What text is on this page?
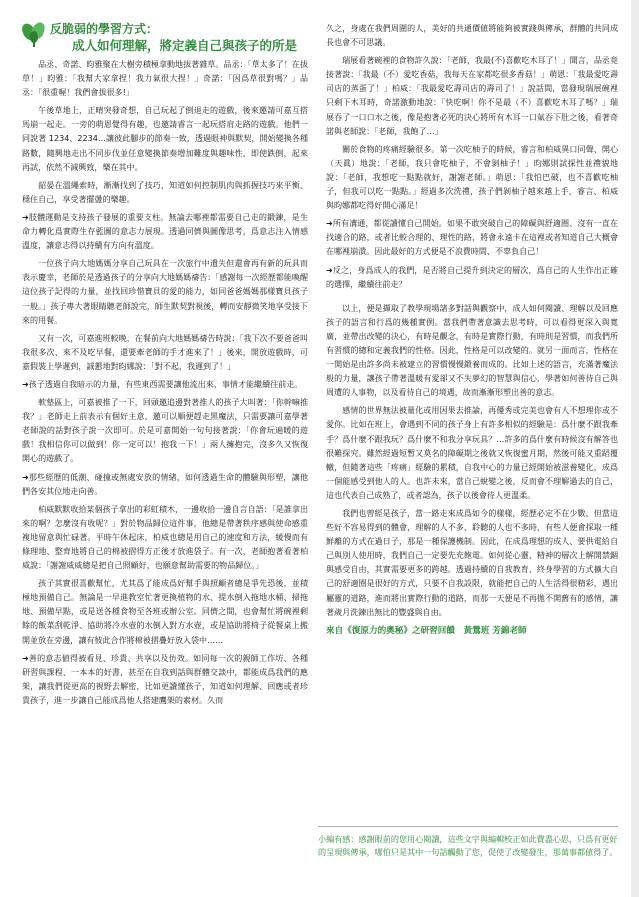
反脆弱的學習方式：
成人如何理解，將定義自己與孩子的所是

品丞、奇諾、昀雅聚在大樹旁積極拿動地拔著雜草。品丞：「草太多了！在拔草！」昀雅：「我幫大家拿捏！我力氣很大捏！」奇諾：「因爲草很對嗎？」品丞：「很重喔！我們會拔很多!」

午後草地上，正晴突發奇想，自己玩起了倒退走的遊戲，後來邀請可嘉互搭馬崩一起走。一旁的萌恩覺得有趣，也邀請睿言一起玩搭肩走路的遊戲。他們一同說著 1234、2234…讓彼此腳步的節奏一致，透過眼神與默契，開始變換各種路數，隨興地走出不同步伐並任意變換節奏增加難度與趣味性，即使跌倒，起來再試，依然不減興致，樂在其中。

韶晏在溫繩索時，漸漸找到了技巧，知道如何控制肌肉與抓握技巧來平衡、穩住自己，享受著擺盪的樂趣。

➜肢體運動是支持孩子發展的重要支柱。無論去哪裡都需要自己走的鍛鍊，是生命力轉化爲實際生存藍圖的意志力展現。透過同儕與圖像思考，爲意志注入情感溫度，讓意志得以持續有方向有溫度。

一位孩子向大地媽媽分享自己玩具在一次旅行中遺失但還會再有新的玩具而表示慶幸，老師於是透過孩子的分享向大地媽媽禱告：「感謝每一次經歷都能喚醒這位孩子記得的力量，並找回珍惜寶貝的愛的能力，如同爸爸媽媽那樣寶貝孩子一般。」孩子專大著眼睛聽老師說完，師生默契對視後，轉而安靜微笑地享受接下來的用餐。

又有一次，可嘉進班較晚，在餐前向大地媽媽禱告時說：「我下次不要爸爸叫我很多次、來不及吃早餐，還要牽老師的手才進來了！」後來，開放遊戲時，可嘉假裝上學遲到，誠懇地對昀娜說：「對不起，我遲到了！」

➜孩子透過自我暗示的力量，有些東西需要讓他流出來，事情才能繼續往前走。

軟墊區上，可嘉被推了一下，回頭邀追邊對著推人的孩子大叫著：「你幹嘛推我？」老師走上前表示有個好主意，邀可以順便趕走黑魔法，只需要讓可嘉學著老師說的話對孩子說一次即可。於是可嘉開始一句句接著說：「你會玩遍暖的遊戲！我相信你可以做到！你一定可以！抱我一下！」兩人擁抱完，沒多久又恢復開心的遊戲了。

➜那些經歷的低潮、碰撞或無處安放的情緒，如何透過生命的體驗與形塑，讓他們各安其位地走向善。

柏威默默收拾某個孩子拿出的彩虹積木，一邊收拾一邊自言自語：「是誰拿出來的啊？怎麼沒有收呢？」對於物品歸位這件事，他總是帶著秩序感與使命感重複地留意與忙碌著。平時午休起床，柏威也總是用自己的速度和方法，緩慢而有條理地、整齊地將自己的棉被摺得方正後才放進袋子。有一次，老師抱著看著柏威說：「謝謝威威總是把自己照顧好，也願意幫助需要的物品歸位。」

孩子其實很喜歡幫忙，尤其爲了能成爲好幫手與照顧者總是爭先恐後，並積極地預備自己。無論是一早進教室忙著更換植物的水、提水倒入拖地水桶、掃拖地、預備早點，或是送各種食物至各班或辦公室。同儕之間，也會幫忙將碗裡剩餘的飯菜刮乾淨、協助將冷水壺的水倒入對方水壺，或是協助將椅子從餐桌上搬開並放在旁邊，讓有彼此合作將棉被摺疊好放入袋中……

➜善的意志値得被看見、珍貴、共享以及仿效。如同每一次的親師工作坊、各種研習與課程、一本本的好書，甚至在自我到話與群體交談中，都能成爲我們的應架，讓我們從更高的視野去解密，比如更讀懂孩子，知道如何理解、回應或者珍貴孩子，進一步讓自己能成爲他人搭建鷹架的素材。久而

久之，身處在我們周圍的人，美好的共通價値將能夠被實踐與傳承，群體的共同成長也會不可思議。

瑞展看著碗裡的食物許久說：「老師，我最(不)喜歡吃木耳了！」聞言，品丞竟接著說：「我最（不）愛吃香菇，我每天在家都吃很多香菇！」萌恩：「我最愛吃壽司店的蒸蛋了！」柏威：「我最愛吃壽司店的壽司了！」說話間，當發現瑞展碗裡只剩下木耳時，奇諾激動地說：「快吃啊！你不是最（不）喜歡吃木耳了嗎？」瑞展吞了一口口水之後，像是抱著必死的決心將所有木耳一口氣吞下肚之後，看著奇諾與老師說：「老師，我飽了…」

關於食物的疼痛經驗很多。第一次吃柚子的時候，睿言和柏威異口同聲、開心（天眞）地說：「老師，我只會吃柚子，不會剝柚子！」昀娜則試探性並禮貌地說：「老師，我想吃一點點就好，謝謝老師。」萌恩：「我怕巴破，也不喜歡吃柚子，但我可以吃一點點。」經過多次洗禮，孩子們剝柚子越來越上手，睿言、柏威與昀娜都吃得好開心滿足！

➜所有溝通，都從讀懂自己開始。如果不敢突破自己的障礙與舒適圈、沒有一直在找適合的路，或者比較合理的、理性的路，將會永遠卡在這裡或者知道自己大概會在哪裡崩潰。因此最好的方式便是不浪費時間、不辜負自己！

➜反之，身爲成人的我們，是否將自己提升到決定的層次，爲自己的人生作出正確的選擇，繼續往前走？

以上，便是擷取了教學現場諸多對話與觀察中，成人如何閱讀、理解以及回應孩子的語言和行爲的幾種實例。當我們帶著意識去思考時，可以看得更深入與寬廣，並帶出改變的決心，有時是觀念，有時是實際行動，有時則是習慣，而我們所有習慣的總和定義我們的性格。因此，性格是可以改變的。就另一面而言，性格在一開始是由許多尚未被建立的習慣慢慢鍛養而成的。比如上述的語言，充滿著魔法般的力量，讓孩子帶著溫暖有愛卻又不失夢幻的智慧與信心，學著如何善待自己與周遭的人事物，以及看待自己的境遇，故而漸漸形塑出善的意志。

感情的世界無法被量化或用因果去推論，再優秀或完美也會有人不想理你或不愛你。比如在班上，會遇到不同的孩子身上有許多相似的經驗是：爲什麼不跟我牽手？爲什麼不跟我玩？爲什麼不和我分享玩具？…許多的爲什麼有時候沒有解答也很難探究。雖然經過短暫又莫名的障礙期之後就又恢復蜜月期，然後可能又重蹈覆轍，但隨著這些「疼痛」經驗的累積，自我中心的力量已經開始被滋養變化，成爲一個能感受到他人的人。也許未來，當自己蛻變之後，反而會不理解過去的自己，這也代表自己成熟了，或者認為，孩子以後會待人更溫柔。

我們也曾經是孩子，當一路走來成爲如今的樣樣，經歷必定不在少數，但當這些好不容易得到的體會，理解的人不多、聆聽的人也不多時，有些人便會採取一種鮮離的方式在過日子，那是一種保護機制。因此，在成爲理想的成人、要供電給自己與別人使用時，我們自己一定要先充飽電。如何從心靈、精神的層次上解開禁錮與感受自由，其實需要更多的跨越。透過持續的自我教育、終身學習的方式擴大自己的舒適圈是很好的方式，只要不自我設限，就能把自己的人生活得很精彩，遇出屬靈的道路，進而將出實際行動的道路，而那一天便是不再拋不開舊有的感情，讓著歲月洗鍊出無比的豐盛與自由。

來自《復原力的奧秘》之研習回饋　黃鶯班 芳錦老師

小編有感：感謝眼前的您用心閱讀，這些文字與編輯校正如此費盡心思，只爲有更好的呈現與傳承，哪怕只是其中一句話觸動了您，促使了改變發生，那萬事都値得了。
